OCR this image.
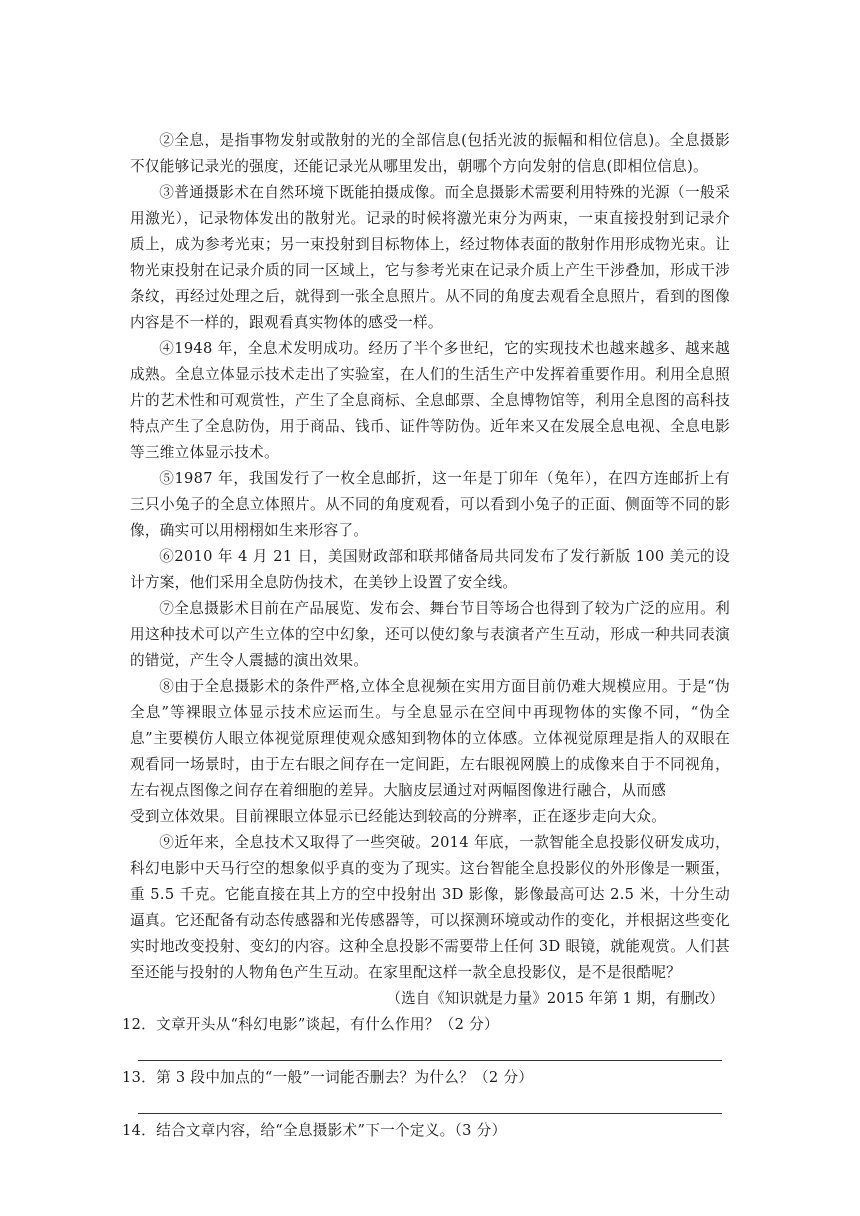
②全息，是指事物发射或散射的光的全部信息(包括光波的振幅和相位信息)。全息摄影不仅能够记录光的强度，还能记录光从哪里发出，朝哪个方向发射的信息(即相位信息)。

③普通摄影术在自然环境下既能拍摄成像。而全息摄影术需要利用特殊的光源（一般采用激光），记录物体发出的散射光。记录的时候将激光束分为两束，一束直接投射到记录介质上，成为参考光束；另一束投射到目标物体上，经过物体表面的散射作用形成物光束。让物光束投射在记录介质的同一区域上，它与参考光束在记录介质上产生干涉叠加，形成干涉条纹，再经过处理之后，就得到一张全息照片。从不同的角度去观看全息照片，看到的图像内容是不一样的，跟观看真实物体的感受一样。

④1948 年，全息术发明成功。经历了半个多世纪，它的实现技术也越来越多、越来越成熟。全息立体显示技术走出了实验室，在人们的生活生产中发挥着重要作用。利用全息照片的艺术性和可观赏性，产生了全息商标、全息邮票、全息博物馆等，利用全息图的高科技特点产生了全息防伪，用于商品、钱币、证件等防伪。近年来又在发展全息电视、全息电影等三维立体显示技术。

⑤1987 年，我国发行了一枚全息邮折，这一年是丁卯年（兔年），在四方连邮折上有三只小兔子的全息立体照片。从不同的角度观看，可以看到小兔子的正面、侧面等不同的影像，确实可以用栩栩如生来形容了。

⑥2010 年 4 月 21 日，美国财政部和联邦储备局共同发布了发行新版 100 美元的设计方案，他们采用全息防伪技术，在美钞上设置了安全线。

⑦全息摄影术目前在产品展览、发布会、舞台节目等场合也得到了较为广泛的应用。利用这种技术可以产生立体的空中幻象，还可以使幻象与表演者产生互动，形成一种共同表演的错觉，产生令人震撼的演出效果。

⑧由于全息摄影术的条件严格,立体全息视频在实用方面目前仍难大规模应用。于是“伪全息”等裸眼立体显示技术应运而生。与全息显示在空间中再现物体的实像不同，“伪全息”主要模仿人眼立体视觉原理使观众感知到物体的立体感。立体视觉原理是指人的双眼在观看同一场景时，由于左右眼之间存在一定间距，左右眼视网膜上的成像来自于不同视角，左右视点图像之间存在着细胞的差异。大脑皮层通过对两幅图像进行融合，从而感

受到立体效果。目前裸眼立体显示已经能达到较高的分辨率，正在逐步走向大众。

⑨近年来，全息技术又取得了一些突破。2014 年底，一款智能全息投影仪研发成功，科幻电影中天马行空的想象似乎真的变为了现实。这台智能全息投影仪的外形像是一颗蛋，重 5.5 千克。它能直接在其上方的空中投射出 3D 影像，影像最高可达 2.5 米，十分生动逼真。它还配备有动态传感器和光传感器等，可以探测环境或动作的变化，并根据这些变化实时地改变投射、变幻的内容。这种全息投影不需要带上任何 3D 眼镜，就能观赏。人们甚至还能与投射的人物角色产生互动。在家里配这样一款全息投影仪，是不是很酷呢？

（选自《知识就是力量》2015 年第 1 期，有删改）

12．文章开头从“科幻电影”谈起，有什么作用？（2 分）

13．第 3 段中加点的“一般”一词能否删去？为什么？（2 分）

14．结合文章内容，给“全息摄影术”下一个定义。（3 分）
